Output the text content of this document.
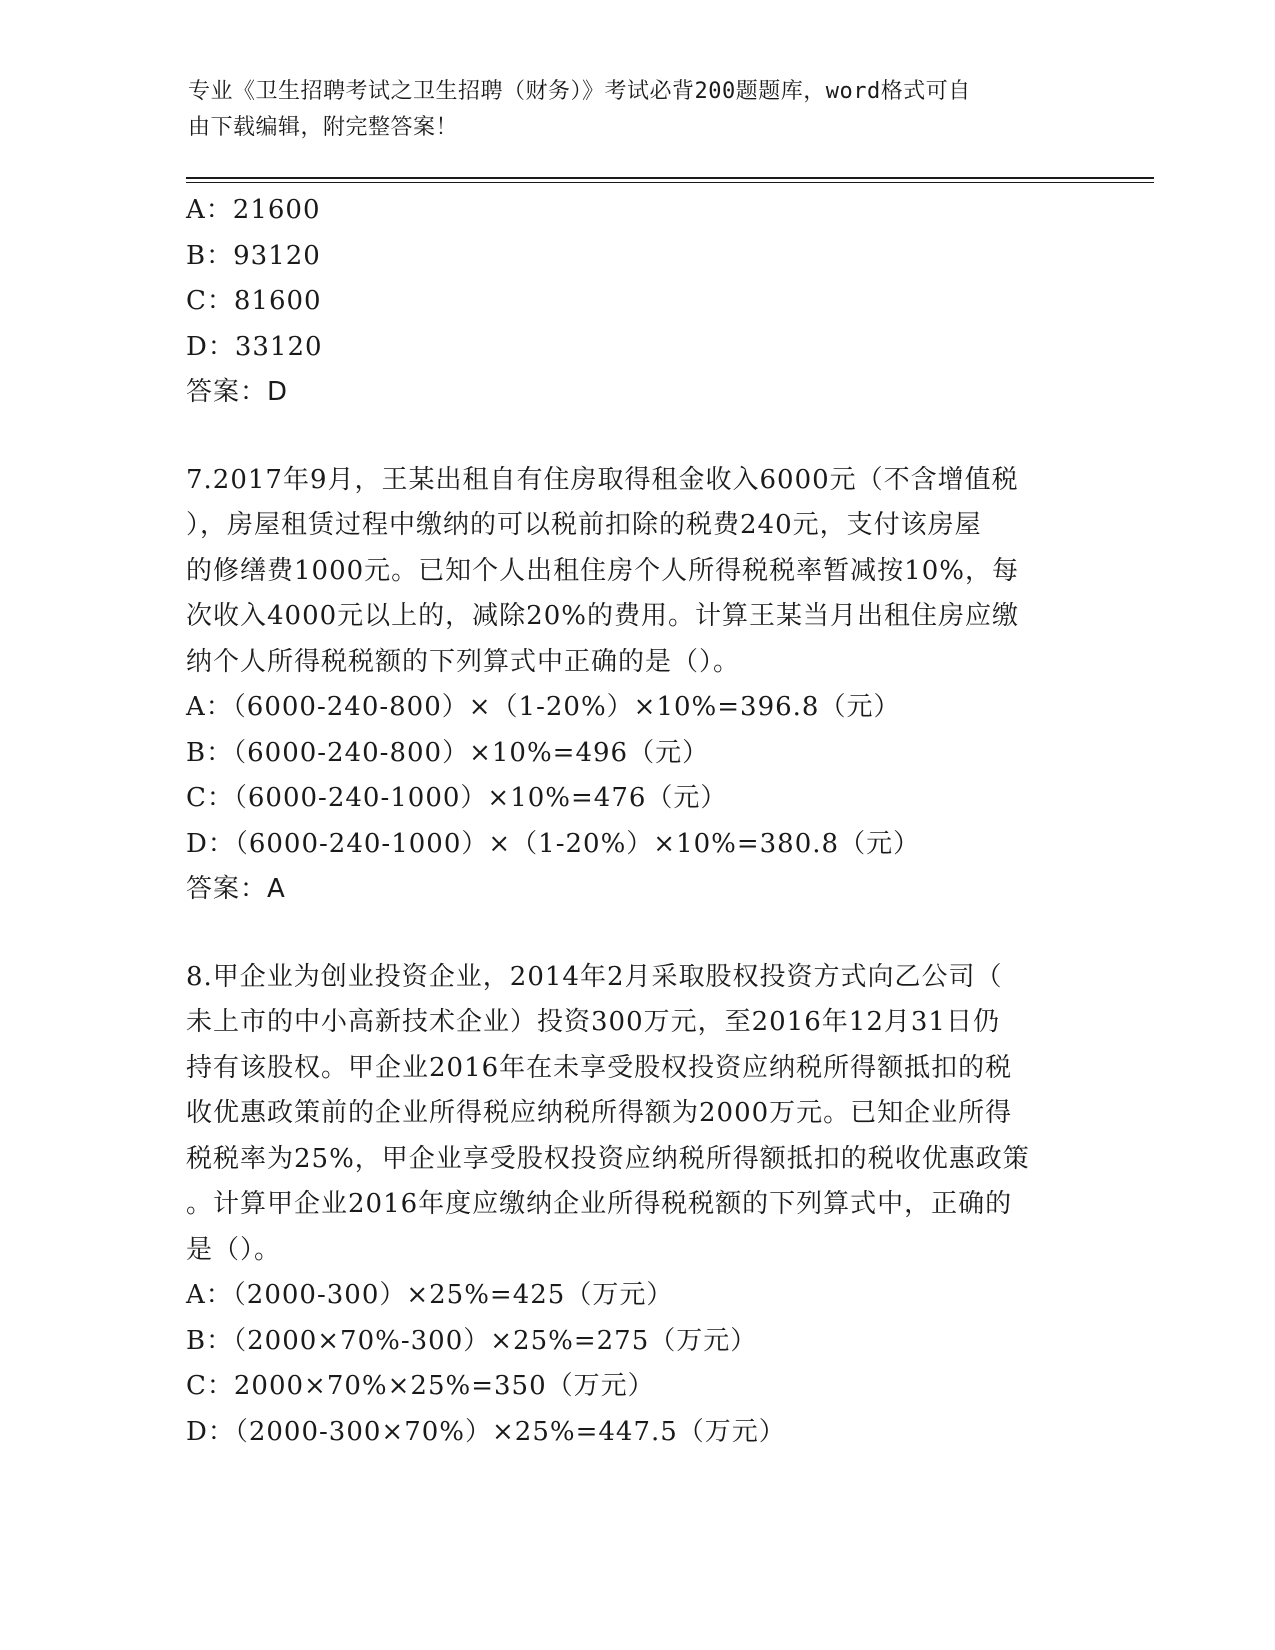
专业《卫生招聘考试之卫生招聘（财务）》考试必背200题题库，word格式可自
由下载编辑，附完整答案！
A：21600
B：93120
C：81600
D：33120
答案：D
7.2017年9月，王某出租自有住房取得租金收入6000元（不含增值税
），房屋租赁过程中缴纳的可以税前扣除的税费240元，支付该房屋
的修缮费1000元。已知个人出租住房个人所得税税率暂减按10%，每
次收入4000元以上的，减除20%的费用。计算王某当月出租住房应缴
纳个人所得税税额的下列算式中正确的是（）。
A：（6000-240-800）×（1-20%）×10%=396.8（元）
B：（6000-240-800）×10%=496（元）
C：（6000-240-1000）×10%=476（元）
D：（6000-240-1000）×（1-20%）×10%=380.8（元）
答案：A
8.甲企业为创业投资企业，2014年2月采取股权投资方式向乙公司（
未上市的中小高新技术企业）投资300万元，至2016年12月31日仍
持有该股权。甲企业2016年在未享受股权投资应纳税所得额抵扣的税
收优惠政策前的企业所得税应纳税所得额为2000万元。已知企业所得
税税率为25%，甲企业享受股权投资应纳税所得额抵扣的税收优惠政策
。计算甲企业2016年度应缴纳企业所得税税额的下列算式中，正确的
是（）。
A：（2000-300）×25%=425（万元）
B：（2000×70%-300）×25%=275（万元）
C：2000×70%×25%=350（万元）
D：（2000-300×70%）×25%=447.5（万元）
